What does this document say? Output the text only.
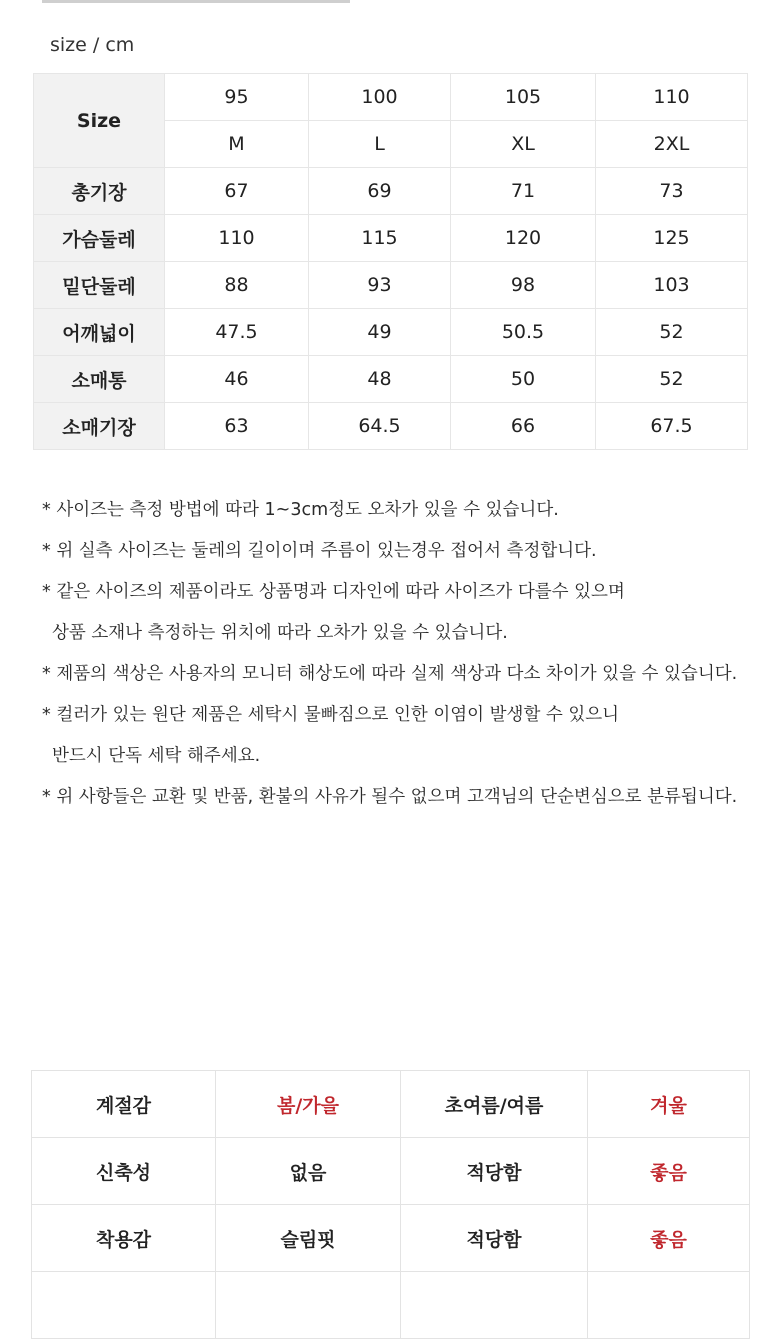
size / cm
Size	95	100	105	110
	M	L	XL	2XL
총기장	67	69	71	73
가슴둘레	110	115	120	125
밑단둘레	88	93	98	103
어깨넓이	47.5	49	50.5	52
소매통	46	48	50	52
소매기장	63	64.5	66	67.5
* 사이즈는 측정 방법에 따라 1~3cm정도 오차가 있을 수 있습니다.
* 위 실측 사이즈는 둘레의 길이이며 주름이 있는경우 접어서 측정합니다.
* 같은 사이즈의 제품이라도 상품명과 디자인에 따라 사이즈가 다를수 있으며
상품 소재나 측정하는 위치에 따라 오차가 있을 수 있습니다.
* 제품의 색상은 사용자의 모니터 해상도에 따라 실제 색상과 다소 차이가 있을 수 있습니다.
* 컬러가 있는 원단 제품은 세탁시 물빠짐으로 인한 이염이 발생할 수 있으니
반드시 단독 세탁 해주세요.
* 위 사항들은 교환 및 반품, 환불의 사유가 될수 없으며 고객님의 단순변심으로 분류됩니다.
계절감	봄/가을	초여름/여름	겨울
신축성	없음	적당함	좋음
착용감	슬림핏	적당함	좋음
